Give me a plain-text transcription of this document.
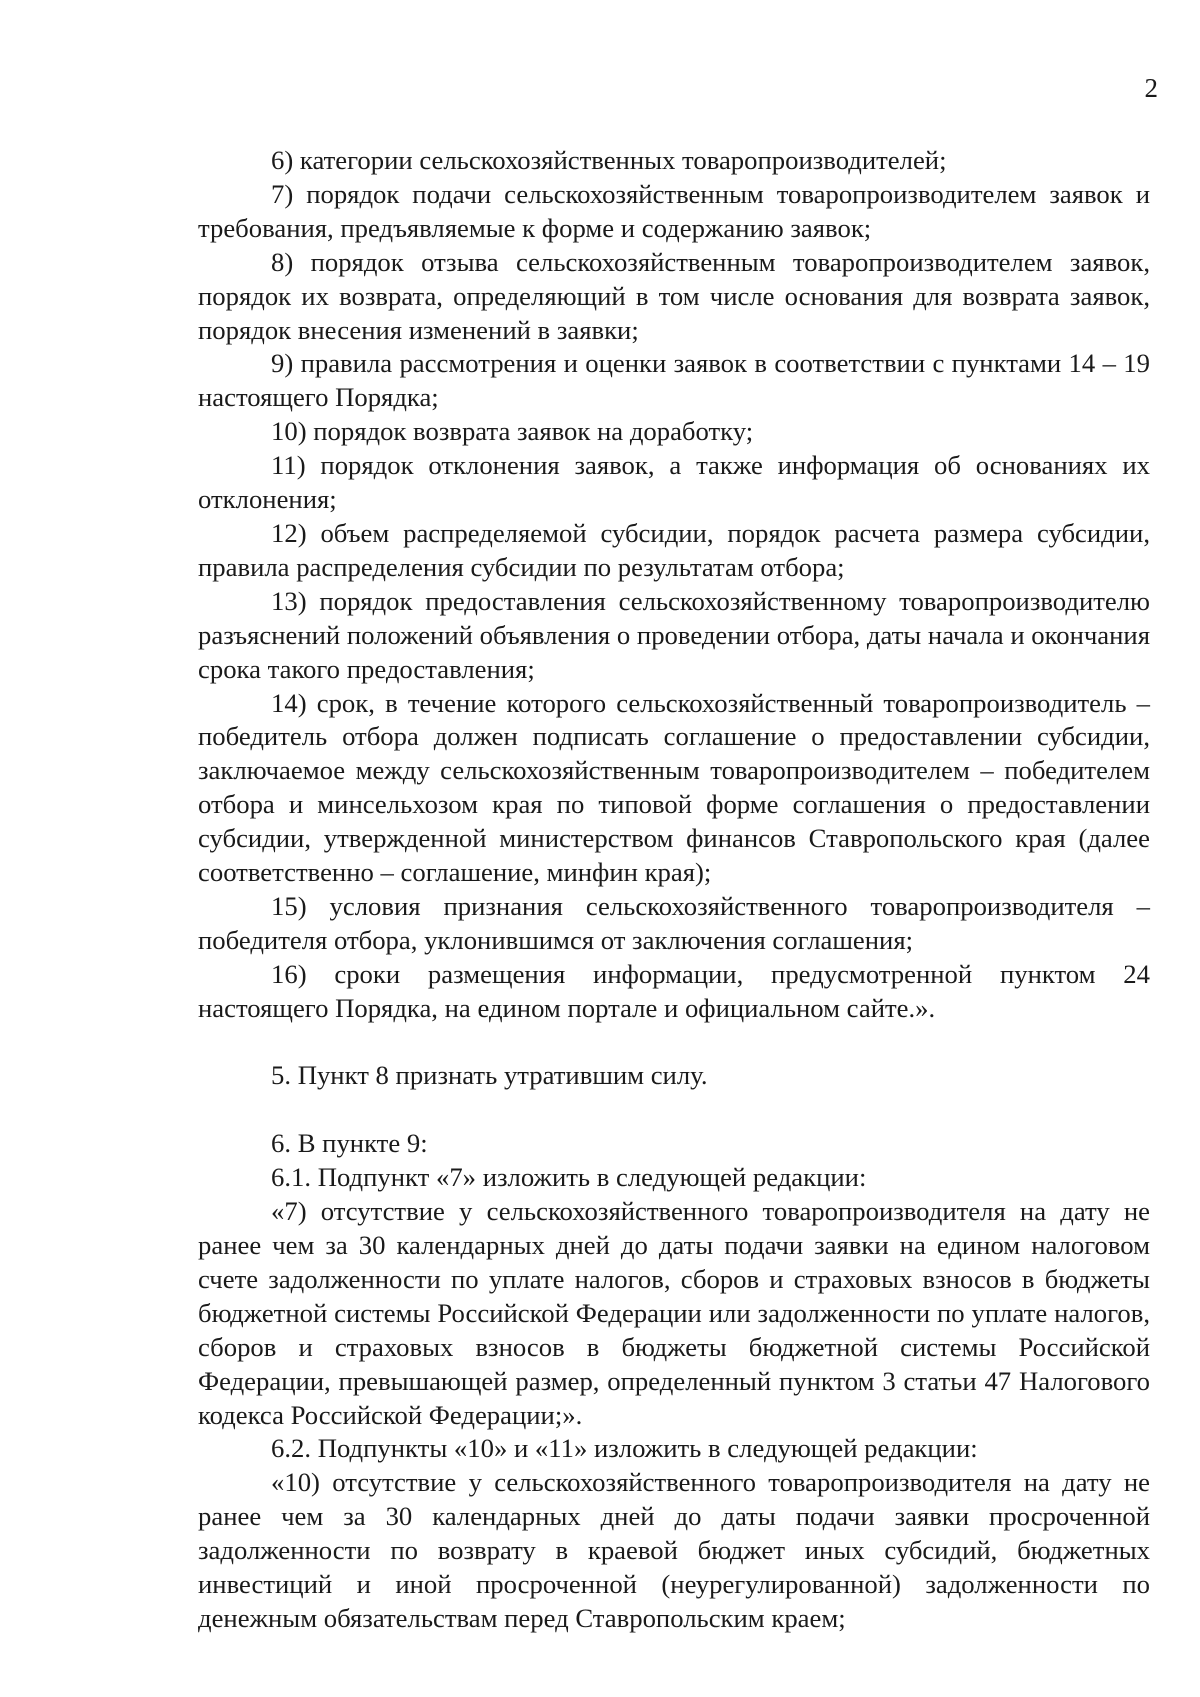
2

6) категории сельскохозяйственных товаропроизводителей;

7) порядок подачи сельскохозяйственным товаропроизводителем заявок и требования, предъявляемые к форме и содержанию заявок;

8) порядок отзыва сельскохозяйственным товаропроизводителем заявок, порядок их возврата, определяющий в том числе основания для возврата заявок, порядок внесения изменений в заявки;

9) правила рассмотрения и оценки заявок в соответствии с пунктами 14 – 19 настоящего Порядка;

10) порядок возврата заявок на доработку;

11) порядок отклонения заявок, а также информация об основаниях их отклонения;

12) объем распределяемой субсидии, порядок расчета размера субсидии, правила распределения субсидии по результатам отбора;

13) порядок предоставления сельскохозяйственному товаропроизводителю разъяснений положений объявления о проведении отбора, даты начала и окончания срока такого предоставления;

14) срок, в течение которого сельскохозяйственный товаропроизводитель – победитель отбора должен подписать соглашение о предоставлении субсидии, заключаемое между сельскохозяйственным товаропроизводителем – победителем отбора и минсельхозом края по типовой форме соглашения о предоставлении субсидии, утвержденной министерством финансов Ставропольского края (далее соответственно – соглашение, минфин края);

15) условия признания сельскохозяйственного товаропроизводителя – победителя отбора, уклонившимся от заключения соглашения;

16) сроки размещения информации, предусмотренной пунктом 24 настоящего Порядка, на едином портале и официальном сайте.».

5. Пункт 8 признать утратившим силу.

6. В пункте 9:

6.1. Подпункт «7» изложить в следующей редакции:

«7) отсутствие у сельскохозяйственного товаропроизводителя на дату не ранее чем за 30 календарных дней до даты подачи заявки на едином налоговом счете задолженности по уплате налогов, сборов и страховых взносов в бюджеты бюджетной системы Российской Федерации или задолженности по уплате налогов, сборов и страховых взносов в бюджеты бюджетной системы Российской Федерации, превышающей размер, определенный пунктом 3 статьи 47 Налогового кодекса Российской Федерации;».

6.2. Подпункты «10» и «11» изложить в следующей редакции:

«10) отсутствие у сельскохозяйственного товаропроизводителя на дату не ранее чем за 30 календарных дней до даты подачи заявки просроченной задолженности по возврату в краевой бюджет иных субсидий, бюджетных инвестиций и иной просроченной (неурегулированной) задолженности по денежным обязательствам перед Ставропольским краем;
